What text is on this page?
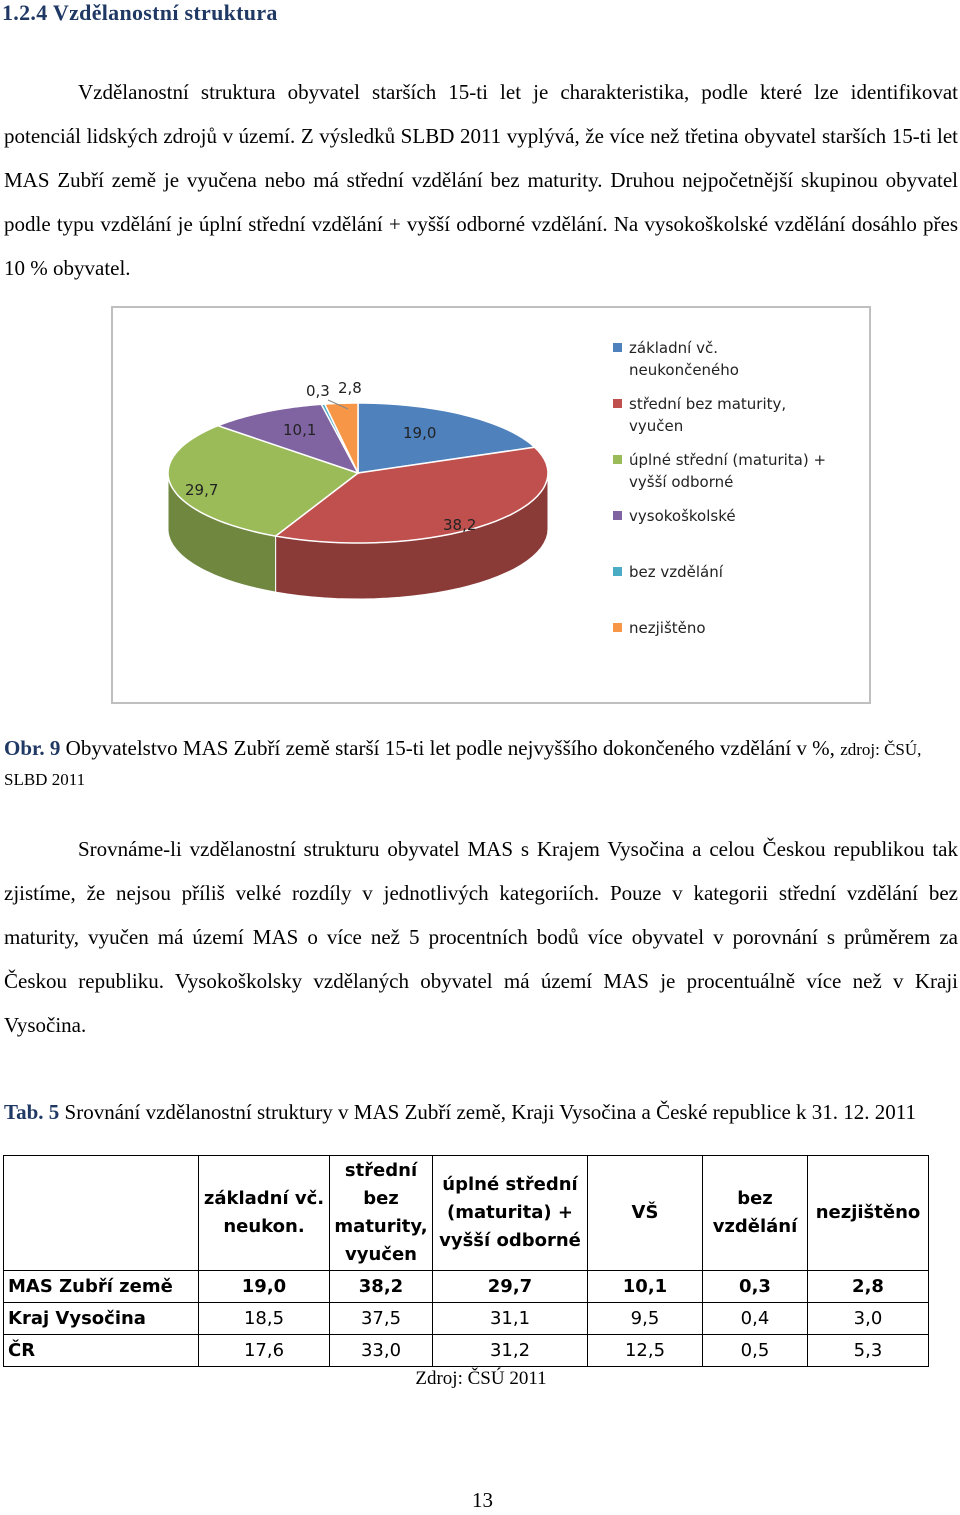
1.2.4 Vzdělanostní struktura
Vzdělanostní struktura obyvatel starších 15-ti let je charakteristika, podle které lze identifikovat potenciál lidských zdrojů v území. Z výsledků SLBD 2011 vyplývá, že více než třetina obyvatel starších 15-ti let MAS Zubří země je vyučena nebo má střední vzdělání bez maturity. Druhou nejpočetnější skupinou obyvatel podle typu vzdělání je úplní střední vzdělání + vyšší odborné vzdělání. Na vysokoškolské vzdělání dosáhlo přes 10 % obyvatel.
19,0
38,2
29,7
10,1
0,3 2,8
základní vč.
neukončeného
střední bez maturity,
vyučen
úplné střední (maturita) +
vyšší odborné
vysokoškolské
bez vzdělání
nezjištěno
Obr. 9 Obyvatelstvo MAS Zubří země starší 15-ti let podle nejvyššího dokončeného vzdělání v %, zdroj: ČSÚ, SLBD 2011
Srovnáme-li vzdělanostní strukturu obyvatel MAS s Krajem Vysočina a celou Českou republikou tak zjistíme, že nejsou příliš velké rozdíly v jednotlivých kategoriích. Pouze v kategorii střední vzdělání bez maturity, vyučen má území MAS o více než 5 procentních bodů více obyvatel v porovnání s průměrem za Českou republiku. Vysokoškolsky vzdělaných obyvatel má území MAS je procentuálně více než v Kraji Vysočina.
Tab. 5 Srovnání vzdělanostní struktury v MAS Zubří země, Kraji Vysočina a České republice k 31. 12. 2011
	základní vč. neukon.	střední bez maturity, vyučen	úplné střední (maturita) + vyšší odborné	VŠ	bez vzdělání	nezjištěno
MAS Zubří země	19,0	38,2	29,7	10,1	0,3	2,8
Kraj Vysočina	18,5	37,5	31,1	9,5	0,4	3,0
ČR	17,6	33,0	31,2	12,5	0,5	5,3
Zdroj: ČSÚ 2011
13
